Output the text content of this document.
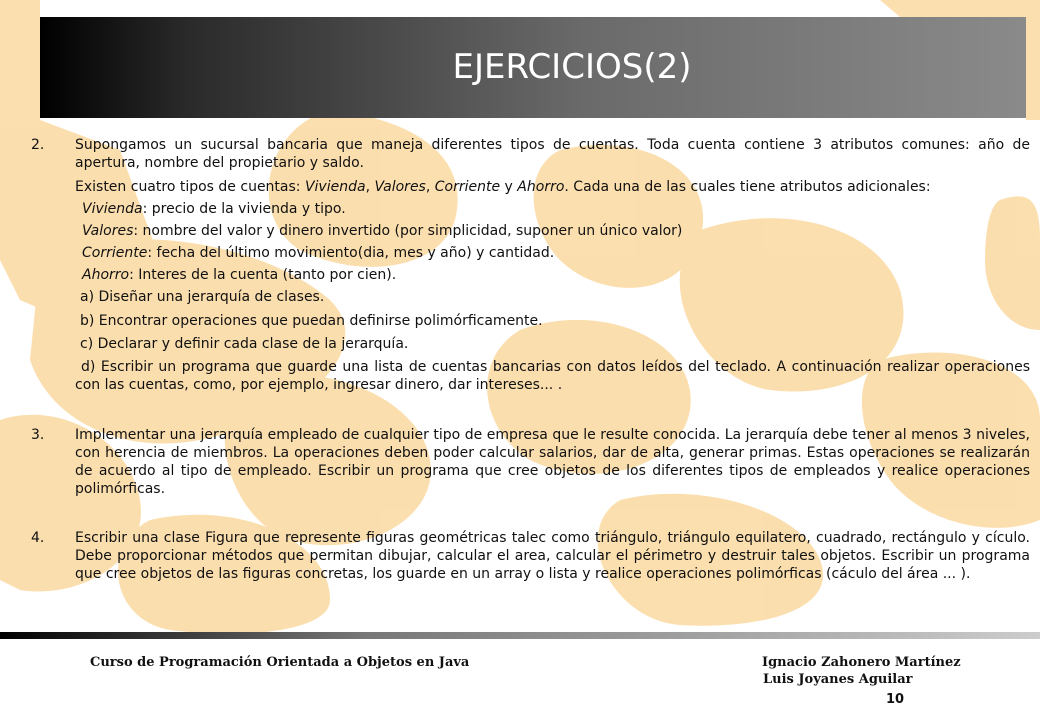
EJERCICIOS(2)
2. Supongamos un sucursal bancaria que maneja diferentes tipos de cuentas. Toda cuenta contiene 3 atributos comunes: año de apertura, nombre del propietario y saldo.
Existen cuatro tipos de cuentas: Vivienda, Valores, Corriente y Ahorro. Cada una de las cuales tiene atributos adicionales:
Vivienda: precio de la vivienda y tipo.
Valores: nombre del valor y dinero invertido (por simplicidad, suponer un único valor)
Corriente: fecha del último movimiento(dia, mes y año) y cantidad.
Ahorro: Interes de la cuenta (tanto por cien).
a) Diseñar una jerarquía de clases.
b) Encontrar operaciones que puedan definirse polimórficamente.
c) Declarar y definir cada clase de la jerarquía.
d) Escribir un programa que guarde una lista de cuentas bancarias con datos leídos del teclado. A continuación realizar operaciones con las cuentas, como, por ejemplo, ingresar dinero, dar intereses... .
3. Implementar una jerarquía empleado de cualquier tipo de empresa que le resulte conocida. La jerarquía debe tener al menos 3 niveles, con herencia de miembros. La operaciones deben poder calcular salarios, dar de alta, generar primas. Estas operaciones se realizarán de acuerdo al tipo de empleado. Escribir un programa que cree objetos de los diferentes tipos de empleados y realice operaciones polimórficas.
4. Escribir una clase Figura que represente figuras geométricas talec como triángulo, triángulo equilatero, cuadrado, rectángulo y cículo. Debe proporcionar métodos que permitan dibujar, calcular el area, calcular el périmetro y destruir tales objetos. Escribir un programa que cree objetos de las figuras concretas, los guarde en un array o lista y realice operaciones polimórficas (cáculo del área ... ).
Curso de Programación Orientada a Objetos en Java	Ignacio Zahonero Martínez
Luis Joyanes Aguilar
10
